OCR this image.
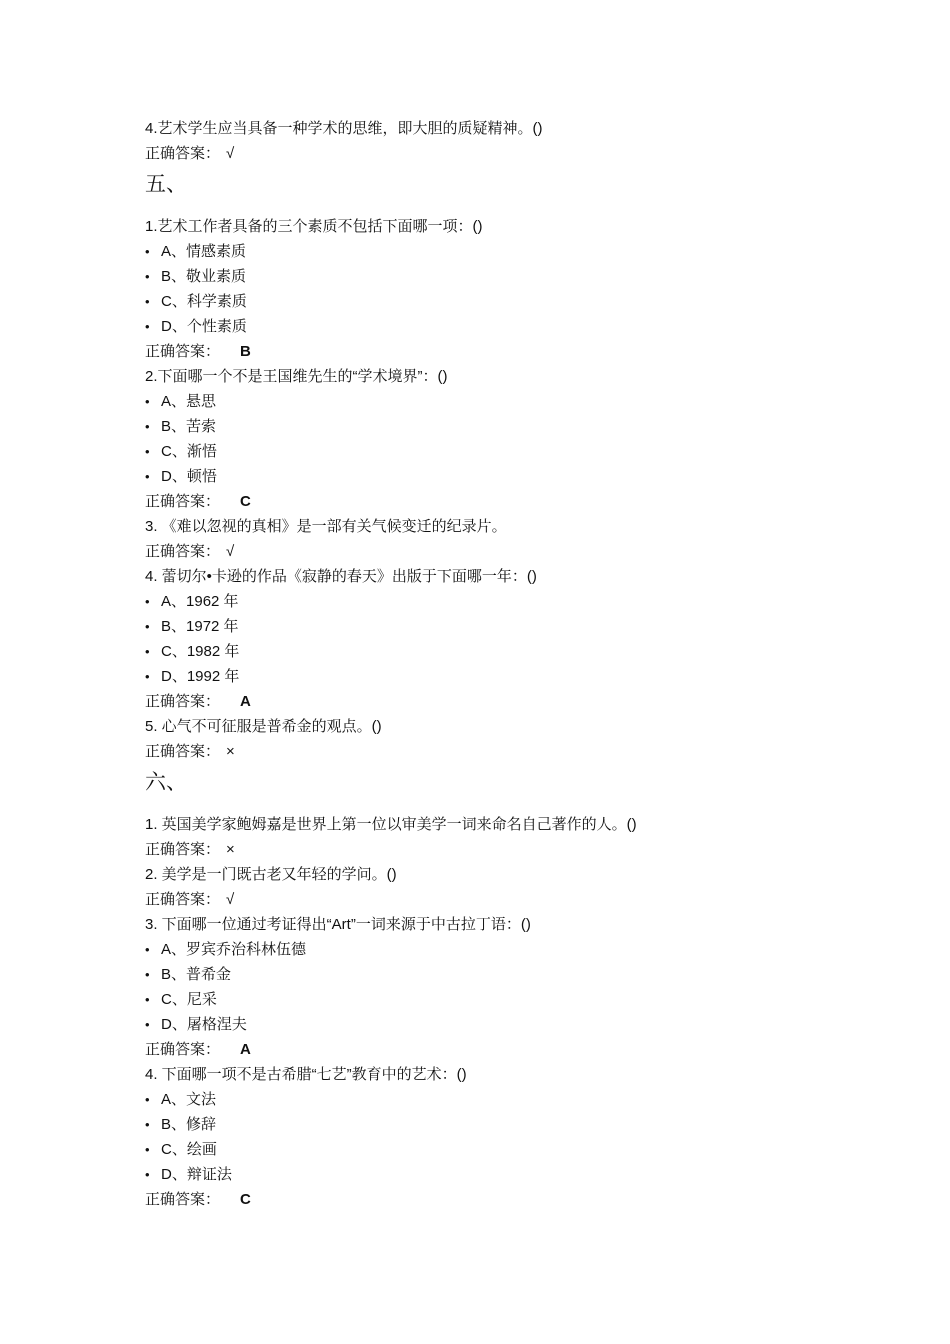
4.艺术学生应当具备一种学术的思维，即大胆的质疑精神。()
正确答案： √
五、
1.艺术工作者具备的三个素质不包括下面哪一项：()
• A、情感素质
• B、敬业素质
• C、科学素质
• D、个性素质
正确答案： B
2.下面哪一个不是王国维先生的“学术境界”：()
• A、悬思
• B、苦索
• C、渐悟
• D、顿悟
正确答案： C
3. 《难以忽视的真相》是一部有关气候变迁的纪录片。
正确答案： √
4. 蕾切尔•卡逊的作品《寂静的春天》出版于下面哪一年：()
• A、1962 年
• B、1972 年
• C、1982 年
• D、1992 年
正确答案： A
5. 心气不可征服是普希金的观点。()
正确答案： ×
六、
1. 英国美学家鲍姆嘉是世界上第一位以审美学一词来命名自己著作的人。()
正确答案： ×
2. 美学是一门既古老又年轻的学问。()
正确答案： √
3. 下面哪一位通过考证得出“Art”一词来源于中古拉丁语：()
• A、罗宾乔治科林伍德
• B、普希金
• C、尼采
• D、屠格涅夫
正确答案： A
4. 下面哪一项不是古希腊“七艺”教育中的艺术：()
• A、文法
• B、修辞
• C、绘画
• D、辩证法
正确答案： C
